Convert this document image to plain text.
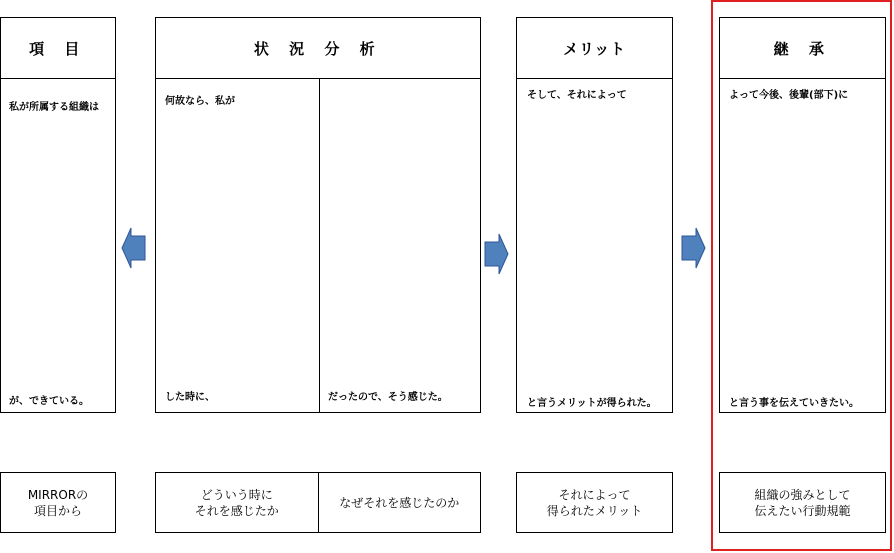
項 目
私が所属する組織は
が、できている。
状 況 分 析
何故なら、私が
した時に、	だったので、そう感じた。
メリット
そして、それによって
と言うメリットが得られた。
継 承
よって今後、後輩(部下)に
と言う事を伝えていきたい。
MIRRORの
項目から
どういう時に
それを感じたか
なぜそれを感じたのか
それによって
得られたメリット
組織の強みとして
伝えたい行動規範
